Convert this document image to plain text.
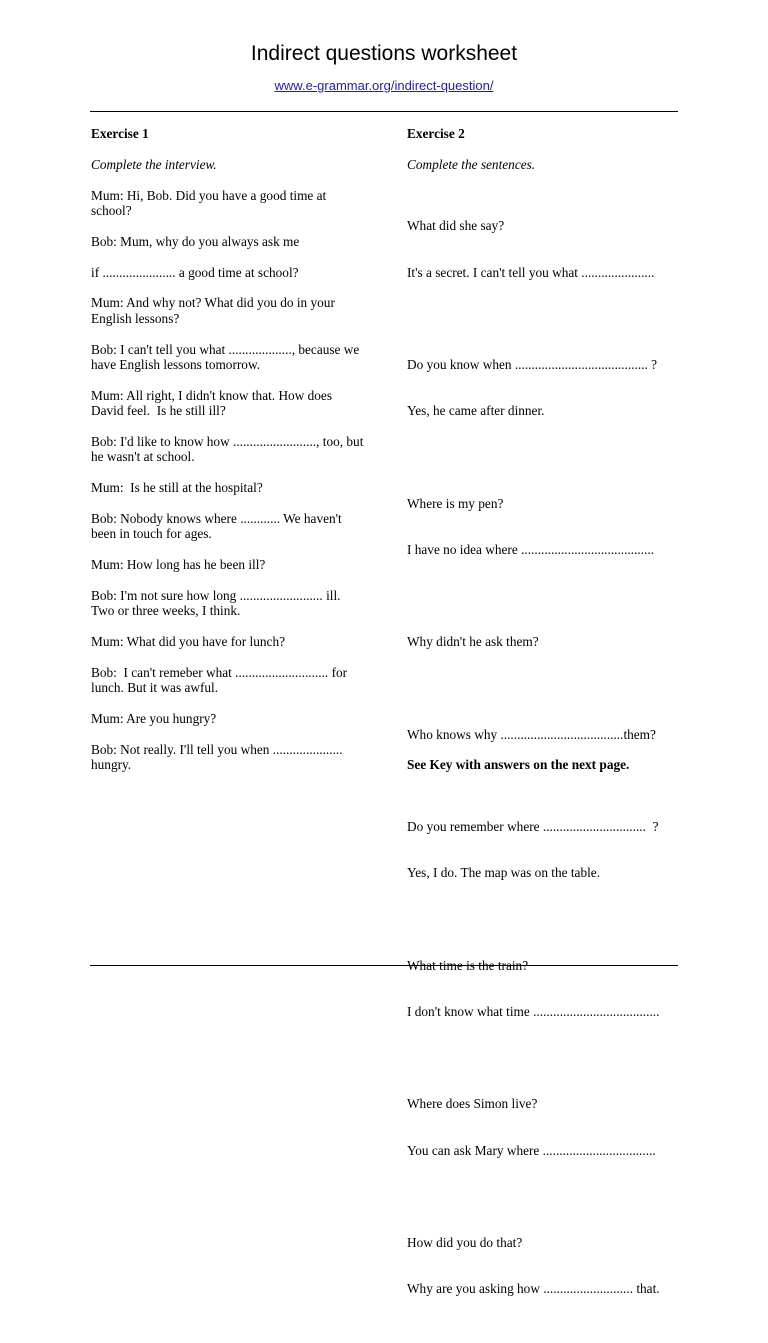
Indirect questions worksheet
www.e-grammar.org/indirect-question/
Exercise 1
Complete the interview.
Mum: Hi, Bob. Did you have a good time at school?
Bob: Mum, why do you always ask me
if ...................... a good time at school?
Mum: And why not? What did you do in your English lessons?
Bob: I can't tell you what ..................., because we have English lessons tomorrow.
Mum: All right, I didn't know that. How does David feel.  Is he still ill?
Bob: I'd like to know how ........................., too, but he wasn't at school.
Mum:  Is he still at the hospital?
Bob: Nobody knows where ............ We haven't been in touch for ages.
Mum: How long has he been ill?
Bob: I'm not sure how long ......................... ill. Two or three weeks, I think.
Mum: What did you have for lunch?
Bob:  I can't remeber what ............................ for lunch. But it was awful.
Mum: Are you hungry?
Bob: Not really. I'll tell you when ..................... hungry.
Exercise 2
Complete the sentences.

What did she say?

It's a secret. I can't tell you what ......................

Do you know when ........................................ ?

Yes, he came after dinner.

Where is my pen?

I have no idea where ........................................

Why didn't he ask them?

Who knows why .....................................them?

Do you remember where ...............................  ?

Yes, I do. The map was on the table.

What time is the train?

I don't know what time ......................................

Where does Simon live?

You can ask Mary where ..................................

How did you do that?

Why are you asking how ........................... that.

See Key with answers on the next page.
